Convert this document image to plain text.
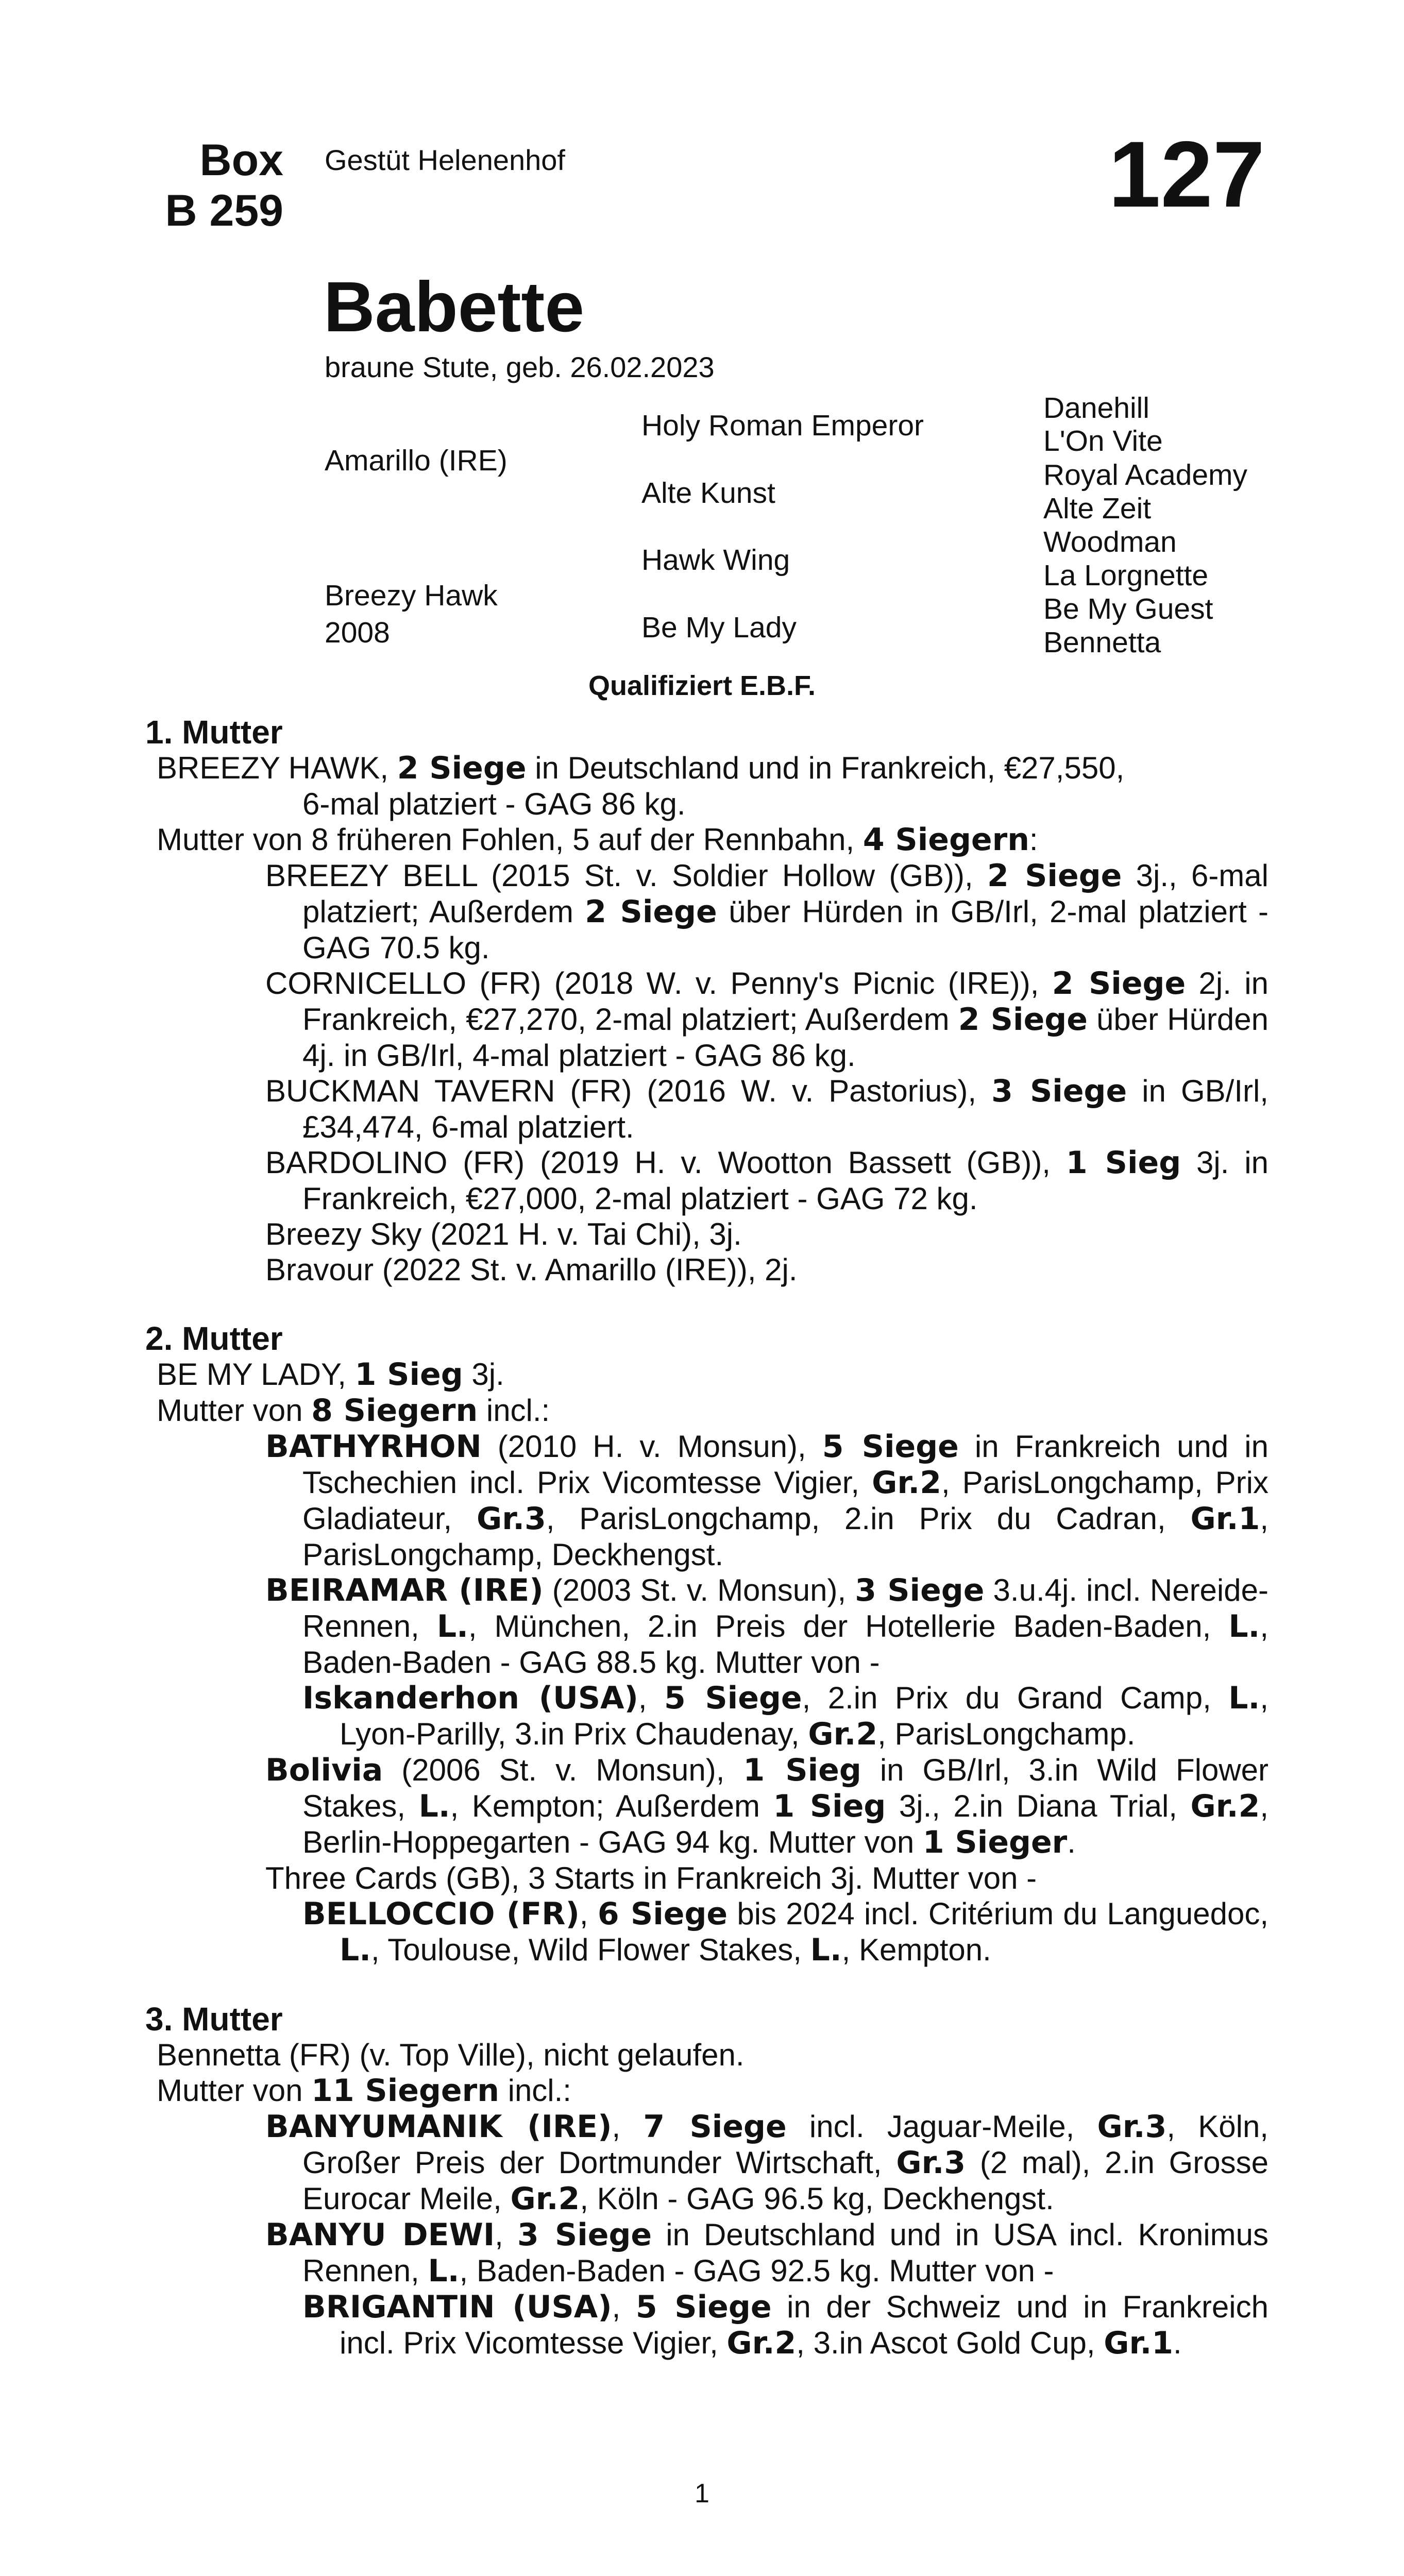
Box
B 259
Gestüt Helenenhof	127
Babette
braune Stute, geb. 26.02.2023
Amarillo (IRE)
Breezy Hawk
2008
Holy Roman Emperor
Alte Kunst
Hawk Wing
Be My Lady
Danehill
L'On Vite
Royal Academy
Alte Zeit
Woodman
La Lorgnette
Be My Guest
Bennetta
Qualifiziert E.B.F.
1. Mutter
BREEZY HAWK, 2 Siege in Deutschland und in Frankreich, €27,550,
6-mal platziert - GAG 86 kg.
Mutter von 8 früheren Fohlen, 5 auf der Rennbahn, 4 Siegern:
BREEZY BELL (2015 St. v. Soldier Hollow (GB)), 2 Siege 3j., 6-mal platziert; Außerdem 2 Siege über Hürden in GB/Irl, 2-mal platziert - GAG 70.5 kg.
CORNICELLO (FR) (2018 W. v. Penny's Picnic (IRE)), 2 Siege 2j. in Frankreich, €27,270, 2-mal platziert; Außerdem 2 Siege über Hürden 4j. in GB/Irl, 4-mal platziert - GAG 86 kg.
BUCKMAN TAVERN (FR) (2016 W. v. Pastorius), 3 Siege in GB/Irl, £34,474, 6-mal platziert.
BARDOLINO (FR) (2019 H. v. Wootton Bassett (GB)), 1 Sieg 3j. in Frankreich, €27,000, 2-mal platziert - GAG 72 kg.
Breezy Sky (2021 H. v. Tai Chi), 3j.
Bravour (2022 St. v. Amarillo (IRE)), 2j.
2. Mutter
BE MY LADY, 1 Sieg 3j.
Mutter von 8 Siegern incl.:
BATHYRHON (2010 H. v. Monsun), 5 Siege in Frankreich und in Tschechien incl. Prix Vicomtesse Vigier, Gr.2, ParisLongchamp, Prix Gladiateur, Gr.3, ParisLongchamp, 2.in Prix du Cadran, Gr.1, ParisLongchamp, Deckhengst.
BEIRAMAR (IRE) (2003 St. v. Monsun), 3 Siege 3.u.4j. incl. Nereide-Rennen, L., München, 2.in Preis der Hotellerie Baden-Baden, L., Baden-Baden - GAG 88.5 kg. Mutter von -
Iskanderhon (USA), 5 Siege, 2.in Prix du Grand Camp, L., Lyon-Parilly, 3.in Prix Chaudenay, Gr.2, ParisLongchamp.
Bolivia (2006 St. v. Monsun), 1 Sieg in GB/Irl, 3.in Wild Flower Stakes, L., Kempton; Außerdem 1 Sieg 3j., 2.in Diana Trial, Gr.2, Berlin-Hoppegarten - GAG 94 kg. Mutter von 1 Sieger.
Three Cards (GB), 3 Starts in Frankreich 3j. Mutter von -
BELLOCCIO (FR), 6 Siege bis 2024 incl. Critérium du Languedoc, L., Toulouse, Wild Flower Stakes, L., Kempton.
3. Mutter
Bennetta (FR) (v. Top Ville), nicht gelaufen.
Mutter von 11 Siegern incl.:
BANYUMANIK (IRE), 7 Siege incl. Jaguar-Meile, Gr.3, Köln, Großer Preis der Dortmunder Wirtschaft, Gr.3 (2 mal), 2.in Grosse Eurocar Meile, Gr.2, Köln - GAG 96.5 kg, Deckhengst.
BANYU DEWI, 3 Siege in Deutschland und in USA incl. Kronimus Rennen, L., Baden-Baden - GAG 92.5 kg. Mutter von -
BRIGANTIN (USA), 5 Siege in der Schweiz und in Frankreich incl. Prix Vicomtesse Vigier, Gr.2, 3.in Ascot Gold Cup, Gr.1.
1
